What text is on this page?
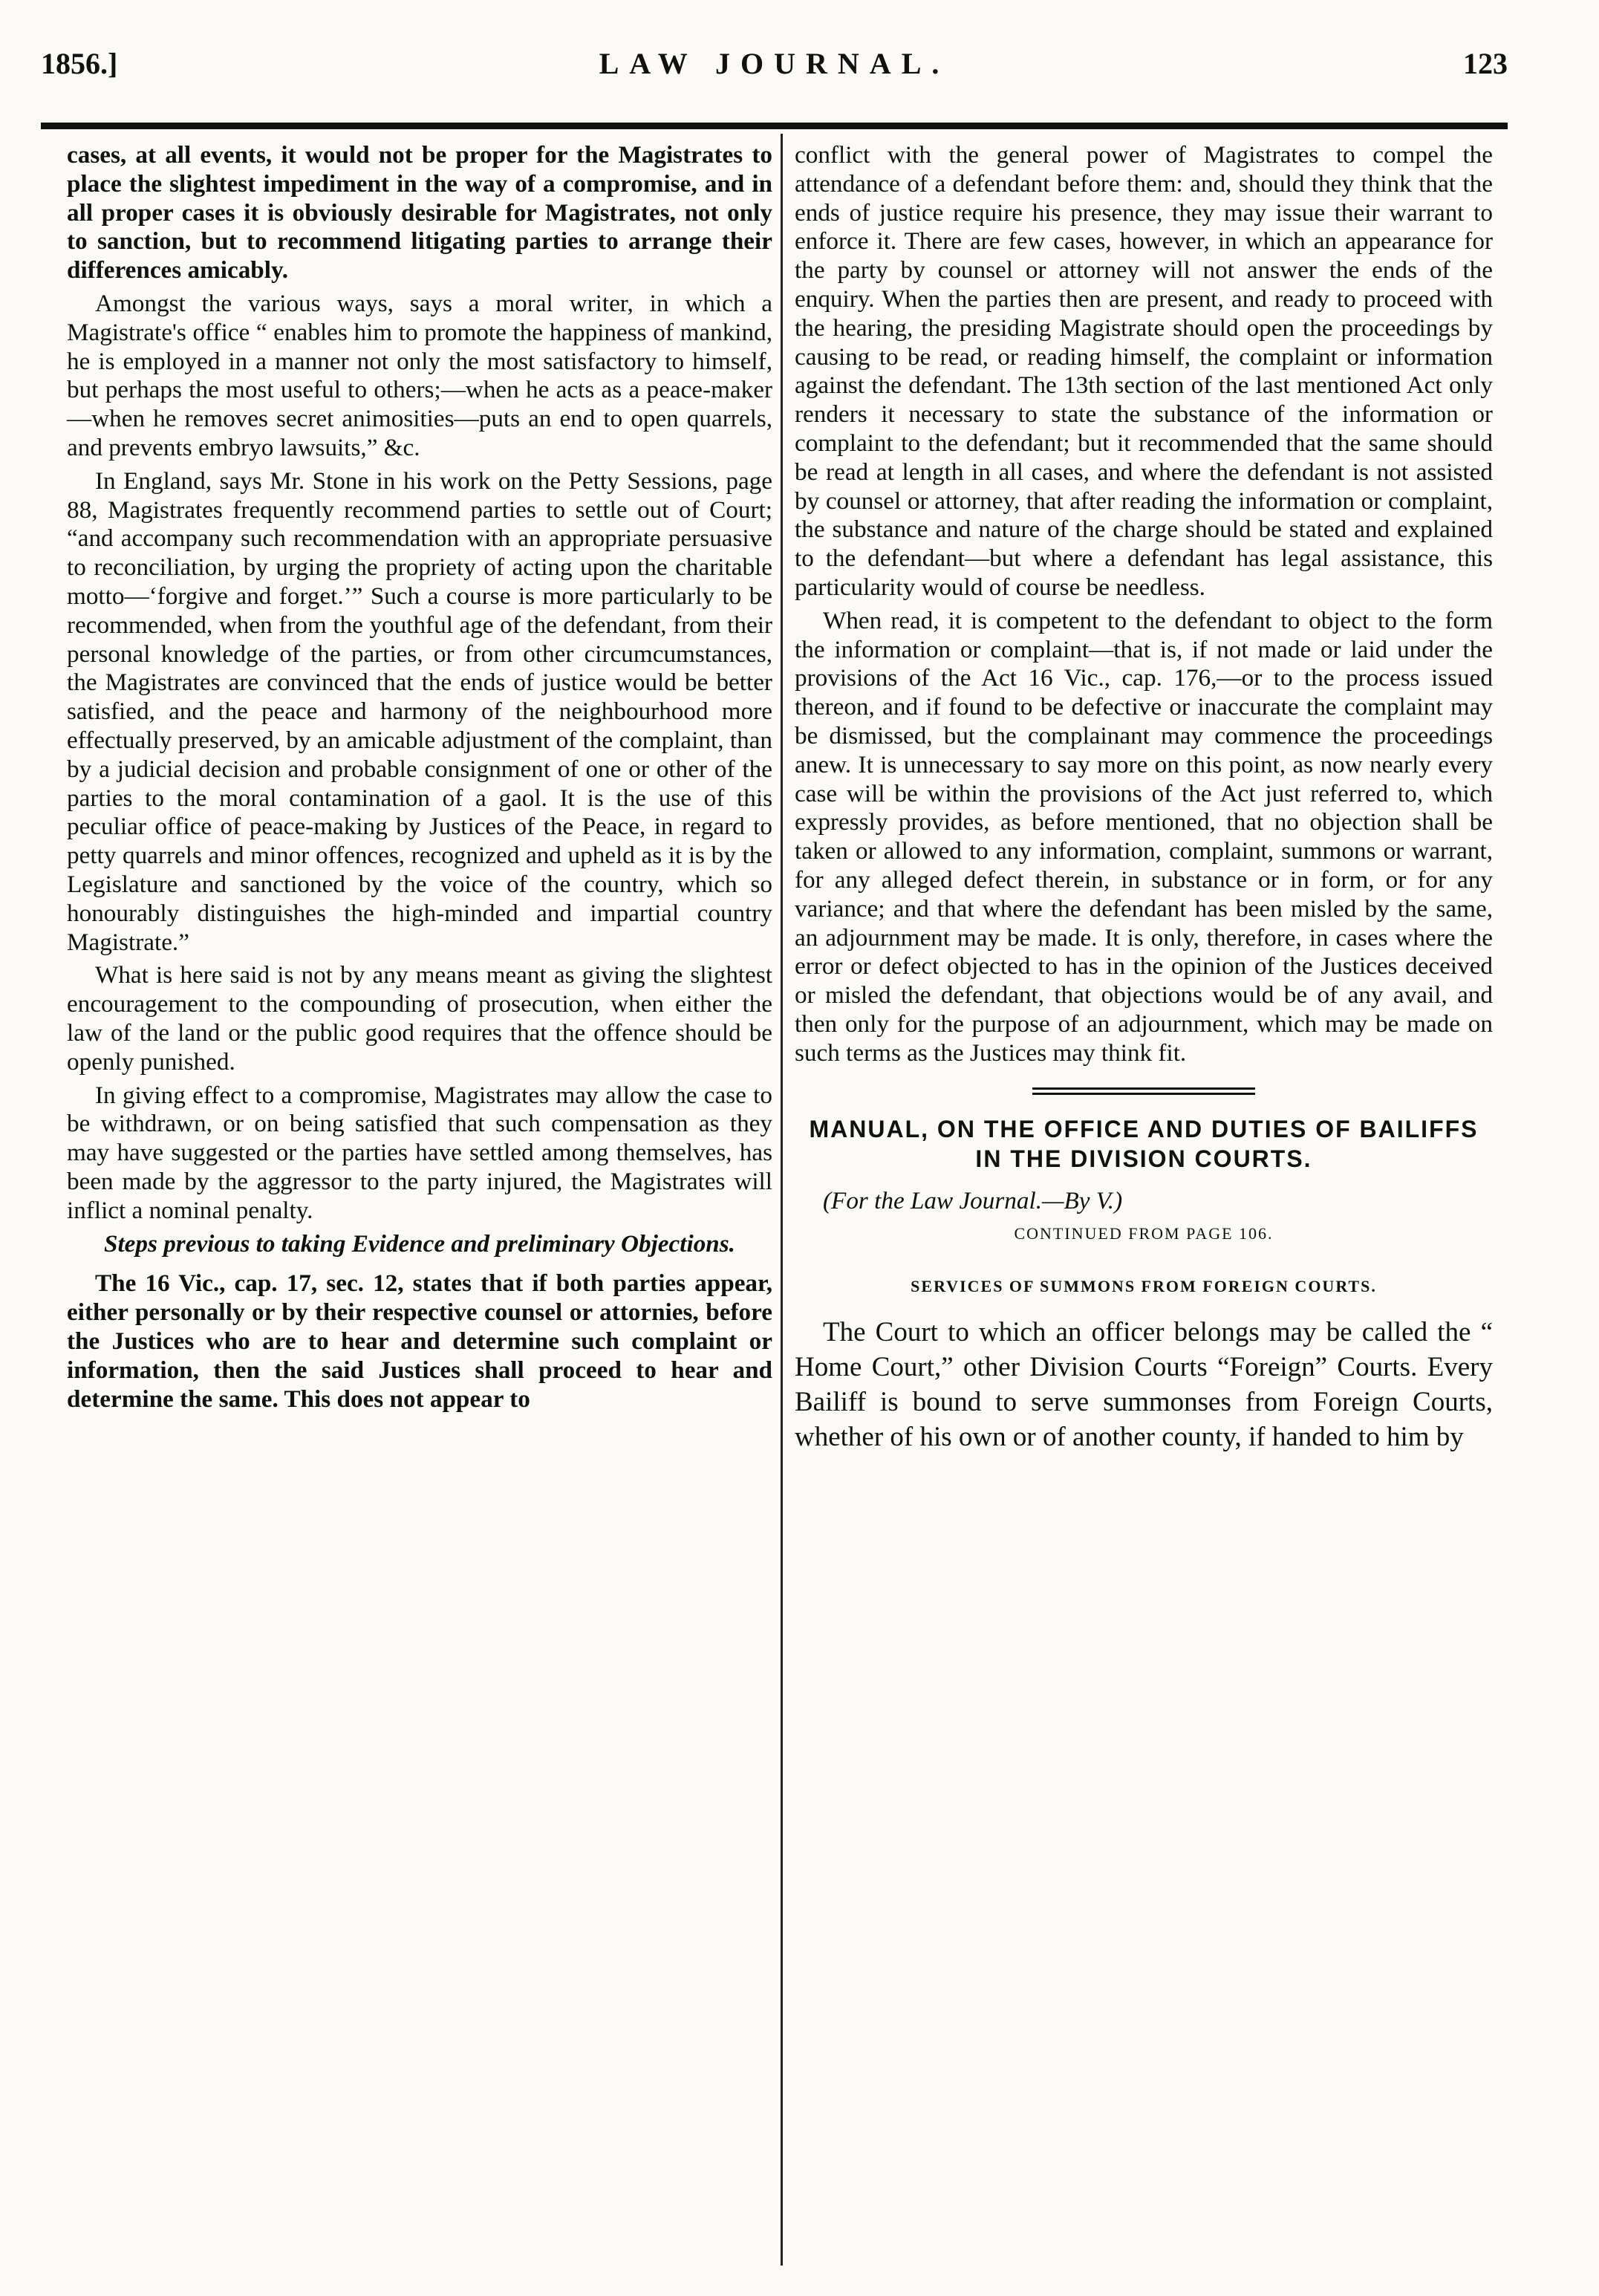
1856.]	LAW JOURNAL.	123

cases, at all events, it would not be proper for the Magistrates to place the slightest impediment in the way of a compromise, and in all proper cases it is obviously desirable for Magistrates, not only to sanction, but to recommend litigating parties to arrange their differences amicably.

Amongst the various ways, says a moral writer, in which a Magistrate's office “ enables him to promote the happiness of mankind, he is employed in a manner not only the most satisfactory to himself, but perhaps the most useful to others;—when he acts as a peace-maker—when he removes secret animosities—puts an end to open quarrels, and prevents embryo lawsuits,” &c.

In England, says Mr. Stone in his work on the Petty Sessions, page 88, Magistrates frequently recommend parties to settle out of Court; “and accompany such recommendation with an appropriate persuasive to reconciliation, by urging the propriety of acting upon the charitable motto—‘forgive and forget.’” Such a course is more particularly to be recommended, when from the youthful age of the defendant, from their personal knowledge of the parties, or from other circumcumstances, the Magistrates are convinced that the ends of justice would be better satisfied, and the peace and harmony of the neighbourhood more effectually preserved, by an amicable adjustment of the complaint, than by a judicial decision and probable consignment of one or other of the parties to the moral contamination of a gaol. It is the use of this peculiar office of peace-making by Justices of the Peace, in regard to petty quarrels and minor offences, recognized and upheld as it is by the Legislature and sanctioned by the voice of the country, which so honourably distinguishes the high-minded and impartial country Magistrate.”

What is here said is not by any means meant as giving the slightest encouragement to the compounding of prosecution, when either the law of the land or the public good requires that the offence should be openly punished.

In giving effect to a compromise, Magistrates may allow the case to be withdrawn, or on being satisfied that such compensation as they may have suggested or the parties have settled among themselves, has been made by the aggressor to the party injured, the Magistrates will inflict a nominal penalty.

Steps previous to taking Evidence and preliminary Objections.

The 16 Vic., cap. 17, sec. 12, states that if both parties appear, either personally or by their respective counsel or attornies, before the Justices who are to hear and determine such complaint or information, then the said Justices shall proceed to hear and determine the same. This does not appear to

conflict with the general power of Magistrates to compel the attendance of a defendant before them: and, should they think that the ends of justice require his presence, they may issue their warrant to enforce it. There are few cases, however, in which an appearance for the party by counsel or attorney will not answer the ends of the enquiry. When the parties then are present, and ready to proceed with the hearing, the presiding Magistrate should open the proceedings by causing to be read, or reading himself, the complaint or information against the defendant. The 13th section of the last mentioned Act only renders it necessary to state the substance of the information or complaint to the defendant; but it recommended that the same should be read at length in all cases, and where the defendant is not assisted by counsel or attorney, that after reading the information or complaint, the substance and nature of the charge should be stated and explained to the defendant—but where a defendant has legal assistance, this particularity would of course be needless.

When read, it is competent to the defendant to object to the form the information or complaint—that is, if not made or laid under the provisions of the Act 16 Vic., cap. 176,—or to the process issued thereon, and if found to be defective or inaccurate the complaint may be dismissed, but the complainant may commence the proceedings anew. It is unnecessary to say more on this point, as now nearly every case will be within the provisions of the Act just referred to, which expressly provides, as before mentioned, that no objection shall be taken or allowed to any information, complaint, summons or warrant, for any alleged defect therein, in substance or in form, or for any variance; and that where the defendant has been misled by the same, an adjournment may be made. It is only, therefore, in cases where the error or defect objected to has in the opinion of the Justices deceived or misled the defendant, that objections would be of any avail, and then only for the purpose of an adjournment, which may be made on such terms as the Justices may think fit.

MANUAL, ON THE OFFICE AND DUTIES OF BAILIFFS IN THE DIVISION COURTS.

(For the Law Journal.—By V.)

CONTINUED FROM PAGE 106.
SERVICES OF SUMMONS FROM FOREIGN COURTS.

The Court to which an officer belongs may be called the “ Home Court,” other Division Courts “Foreign” Courts. Every Bailiff is bound to serve summonses from Foreign Courts, whether of his own or of another county, if handed to him by
